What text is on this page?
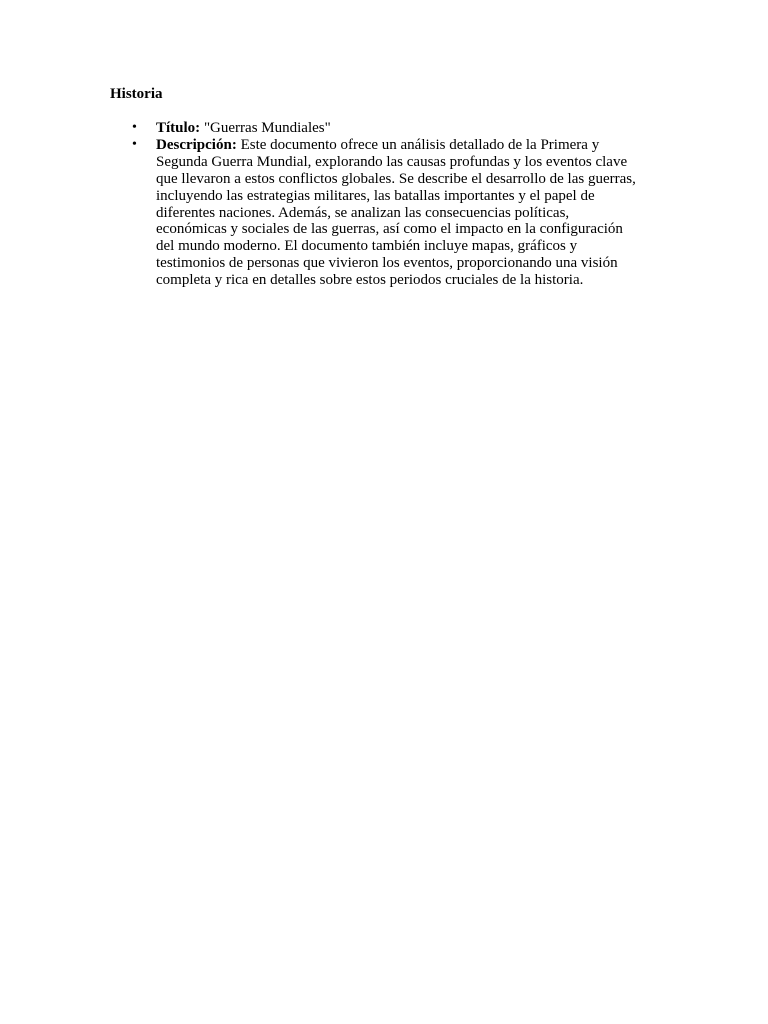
Historia
• Título: "Guerras Mundiales"
• Descripción: Este documento ofrece un análisis detallado de la Primera y
Segunda Guerra Mundial, explorando las causas profundas y los eventos clave
que llevaron a estos conflictos globales. Se describe el desarrollo de las guerras,
incluyendo las estrategias militares, las batallas importantes y el papel de
diferentes naciones. Además, se analizan las consecuencias políticas,
económicas y sociales de las guerras, así como el impacto en la configuración
del mundo moderno. El documento también incluye mapas, gráficos y
testimonios de personas que vivieron los eventos, proporcionando una visión
completa y rica en detalles sobre estos periodos cruciales de la historia.
